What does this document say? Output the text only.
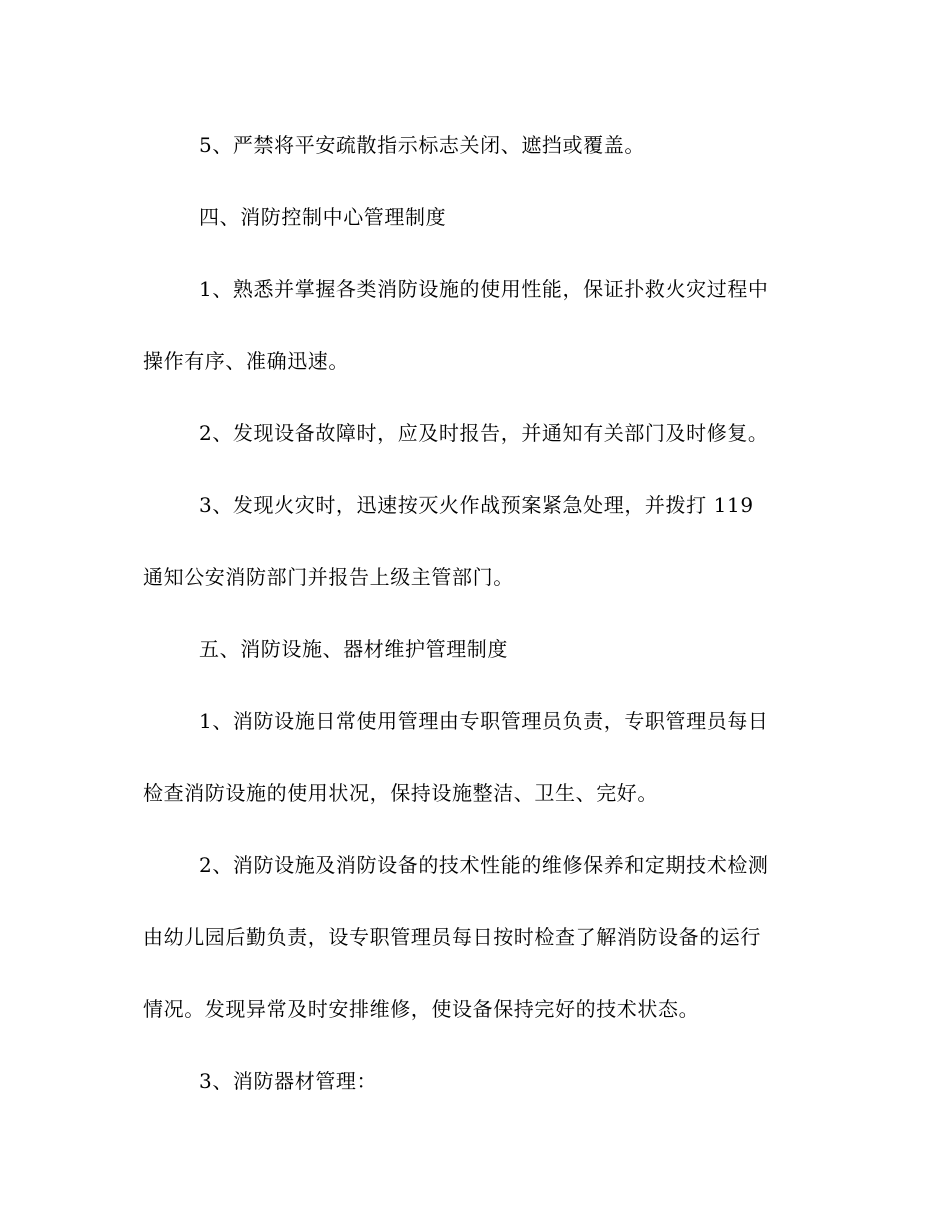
5、严禁将平安疏散指示标志关闭、遮挡或覆盖。

四、消防控制中心管理制度

1、熟悉并掌握各类消防设施的使用性能，保证扑救火灾过程中

操作有序、准确迅速。

2、发现设备故障时，应及时报告，并通知有关部门及时修复。

3、发现火灾时，迅速按灭火作战预案紧急处理，并拨打 119

通知公安消防部门并报告上级主管部门。

五、消防设施、器材维护管理制度

1、消防设施日常使用管理由专职管理员负责，专职管理员每日

检查消防设施的使用状况，保持设施整洁、卫生、完好。

2、消防设施及消防设备的技术性能的维修保养和定期技术检测

由幼儿园后勤负责，设专职管理员每日按时检查了解消防设备的运行

情况。发现异常及时安排维修，使设备保持完好的技术状态。

3、消防器材管理：
